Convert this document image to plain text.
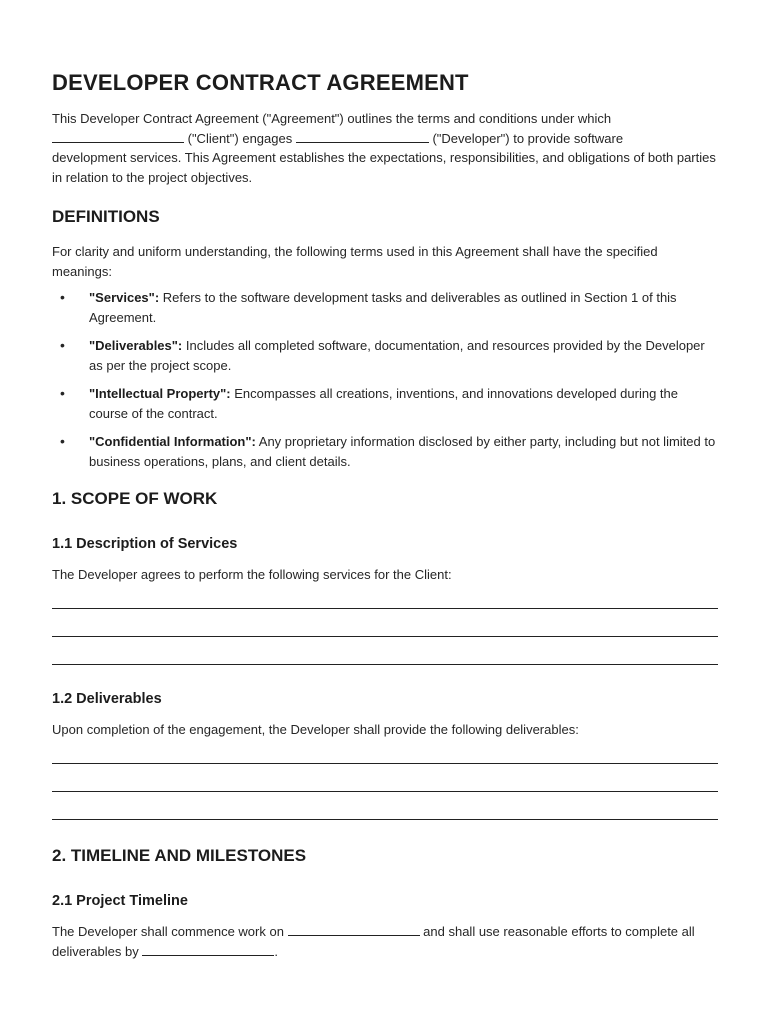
DEVELOPER CONTRACT AGREEMENT

This Developer Contract Agreement ("Agreement") outlines the terms and conditions under which
("Client") engages	("Developer") to provide software
development services. This Agreement establishes the expectations, responsibilities, and obligations of both parties in relation to the project objectives.

DEFINITIONS

For clarity and uniform understanding, the following terms used in this Agreement shall have the specified meanings:

• "Services": Refers to the software development tasks and deliverables as outlined in Section 1 of this Agreement.
• "Deliverables": Includes all completed software, documentation, and resources provided by the Developer as per the project scope.
• "Intellectual Property": Encompasses all creations, inventions, and innovations developed during the course of the contract.
• "Confidential Information": Any proprietary information disclosed by either party, including but not limited to business operations, plans, and client details.
1. SCOPE OF WORK
1.1 Description of Services

The Developer agrees to perform the following services for the Client:

1.2 Deliverables

Upon completion of the engagement, the Developer shall provide the following deliverables:

2. TIMELINE AND MILESTONES
2.1 Project Timeline

The Developer shall commence work on	and shall use reasonable efforts to complete all deliverables by	.
